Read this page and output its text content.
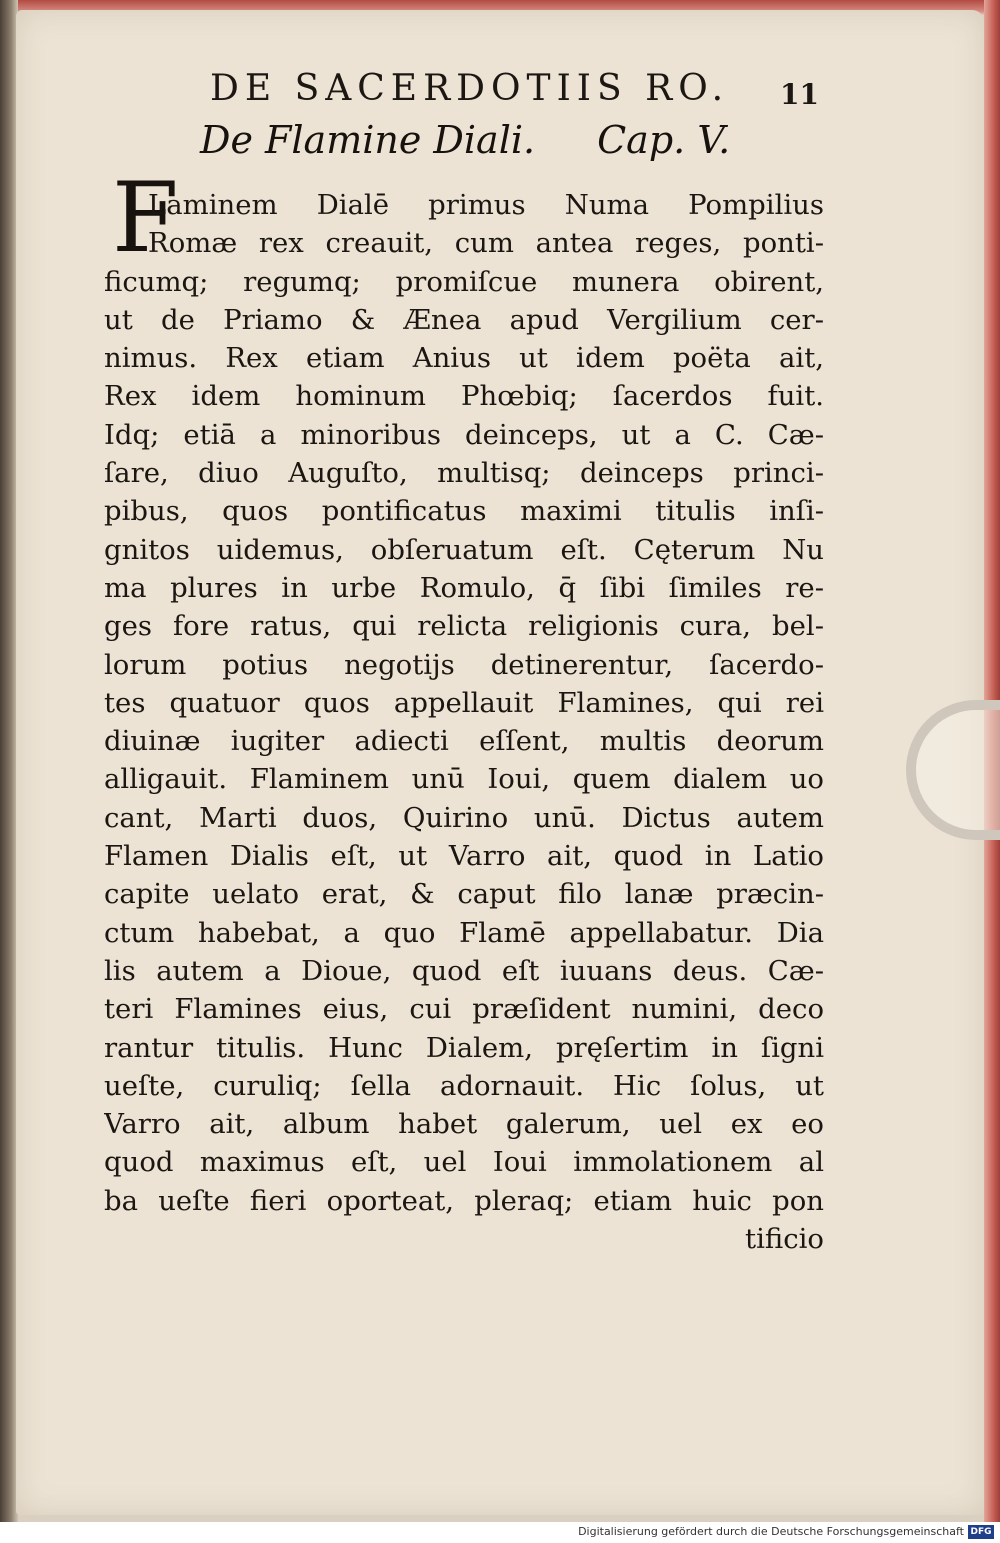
DE SACERDOTIIS RO.	11
De Flamine Diali. Cap. V.
F
Laminem Dialē primus Numa Pompilius
Romæ rex creauit, cum antea reges, ponti-
ficumq; regumq; promiſcue munera obirent,
ut de Priamo & Ænea apud Vergilium cer-
nimus. Rex etiam Anius ut idem poëta ait,
Rex idem hominum Phœbiq; ſacerdos fuit.
Idq; etiā a minoribus deinceps, ut a C. Cæ-
ſare, diuo Auguſto, multisq; deinceps princi-
pibus, quos pontificatus maximi titulis inſi-
gnitos uidemus, obſeruatum eſt. Cęterum Nu
ma plures in urbe Romulo, q̄ ſibi ſimiles re-
ges fore ratus, qui relicta religionis cura, bel-
lorum potius negotijs detinerentur, ſacerdo-
tes quatuor quos appellauit Flamines, qui rei
diuinæ iugiter adiecti eſſent, multis deorum
alligauit. Flaminem unū Ioui, quem dialem uo
cant, Marti duos, Quirino unū. Dictus autem
Flamen Dialis eſt, ut Varro ait, quod in Latio
capite uelato erat, & caput filo lanæ præcin-
ctum habebat, a quo Flamē appellabatur. Dia
lis autem a Dioue, quod eſt iuuans deus. Cæ-
teri Flamines eius, cui præſident numini, deco
rantur titulis. Hunc Dialem, pręſertim in ſigni
ueſte, curuliq; ſella adornauit. Hic ſolus, ut
Varro ait, album habet galerum, uel ex eo
quod maximus eſt, uel Ioui immolationem al
ba ueſte fieri oporteat, pleraq; etiam huic pon
tificio
Digitalisierung gefördert durch die Deutsche Forschungsgemeinschaft DFG
